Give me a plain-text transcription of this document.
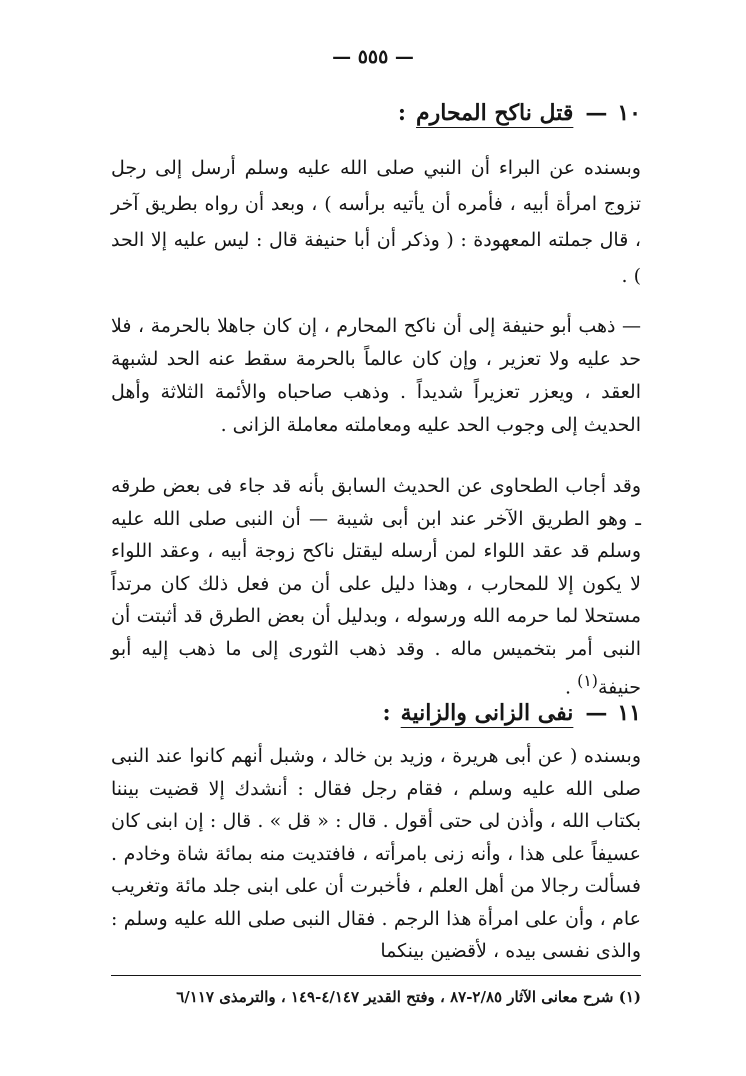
— ٥٥٥ —
١٠—قتل ناكح المحارم:

وبسنده عن البراء أن النبي صلى الله عليه وسلم أرسل إلى رجل تزوج امرأة أبيه ، فأمره أن يأتيه برأسه ) ، وبعد أن رواه بطريق آخر ، قال جملته المعهودة : ( وذكر أن أبا حنيفة قال : ليس عليه إلا الحد ) .

— ذهب أبو حنيفة إلى أن ناكح المحارم ، إن كان جاهلا بالحرمة ، فلا حد عليه ولا تعزير ، وإن كان عالماً بالحرمة سقط عنه الحد لشبهة العقد ، ويعزر تعزيراً شديداً . وذهب صاحباه والأئمة الثلاثة وأهل الحديث إلى وجوب الحد عليه ومعاملته معاملة الزانى .

وقد أجاب الطحاوى عن الحديث السابق بأنه قد جاء فى بعض طرقه ـ وهو الطريق الآخر عند ابن أبى شيبة — أن النبى صلى الله عليه وسلم قد عقد اللواء لمن أرسله ليقتل ناكح زوجة أبيه ، وعقد اللواء لا يكون إلا للمحارب ، وهذا دليل على أن من فعل ذلك كان مرتداً مستحلا لما حرمه الله ورسوله ، وبدليل أن بعض الطرق قد أثبتت أن النبى أمر بتخميس ماله . وقد ذهب الثورى إلى ما ذهب إليه أبو حنيفة$^{(١)}$ .

١١—نفى الزانى والزانية:

وبسنده ( عن أبى هريرة ، وزيد بن خالد ، وشبل أنهم كانوا عند النبى صلى الله عليه وسلم ، فقام رجل فقال : أنشدك إلا قضيت بيننا بكتاب الله ، وأذن لى حتى أقول . قال : « قل » . قال : إن ابنى كان عسيفاً على هذا ، وأنه زنى بامرأته ، فافتديت منه بمائة شاة وخادم . فسألت رجالا من أهل العلم ، فأخبرت أن على ابنى جلد مائة وتغريب عام ، وأن على امرأة هذا الرجم . فقال النبى صلى الله عليه وسلم : والذى نفسى بيده ، لأقضين بينكما

(١) شرح معانى الآثار ٢/٨٥-٨٧ ، وفتح القدير ٤/١٤٧-١٤٩ ، والترمذى ٦/١١٧
